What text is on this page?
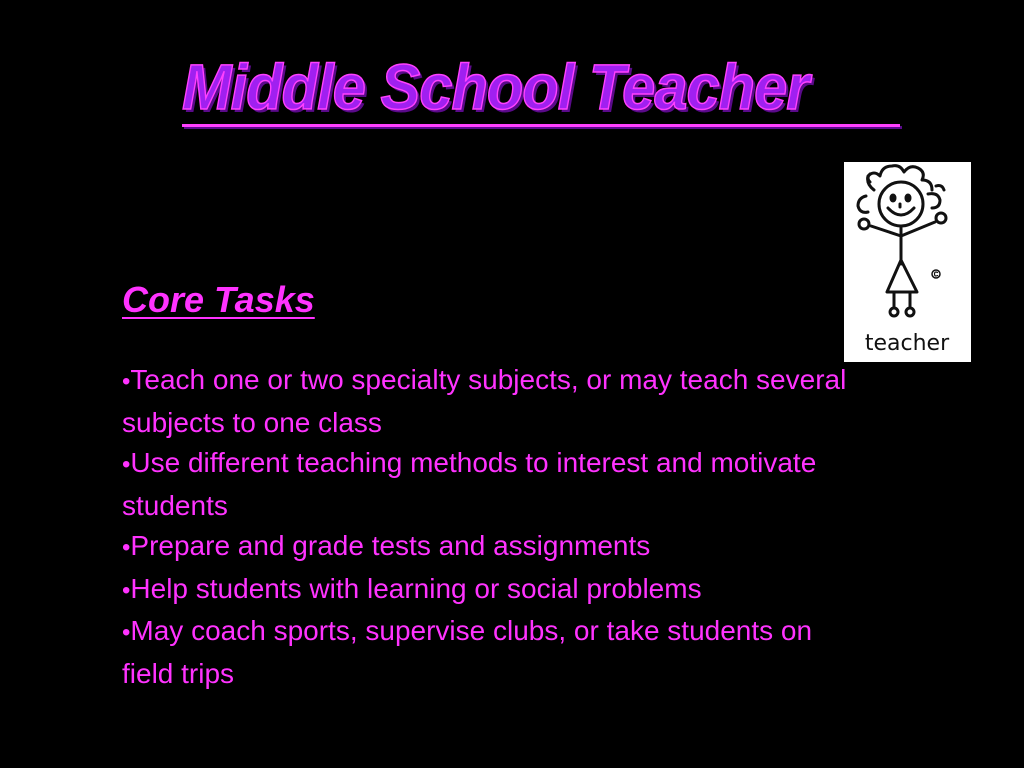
Middle School Teacher
teacher
Core Tasks
•Teach one or two specialty subjects, or may teach several subjects to one class
•Use different teaching methods to interest and motivate students
•Prepare and grade tests and assignments
•Help students with learning or social problems
•May coach sports, supervise clubs, or take students on field trips
